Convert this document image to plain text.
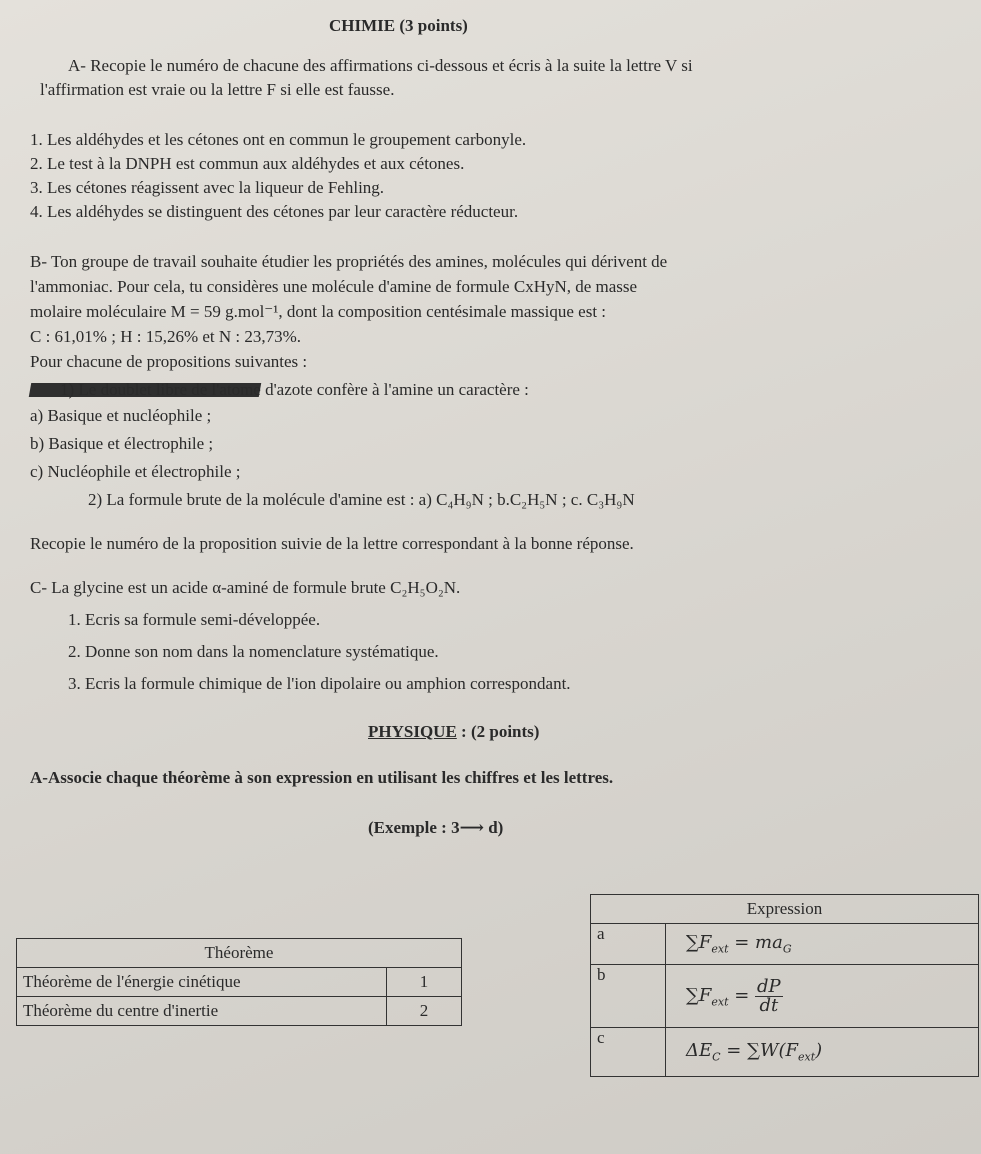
CHIMIE (3 points)
A- Recopie le numéro de chacune des affirmations ci-dessous et écris à la suite la lettre V si
l'affirmation est vraie ou la lettre F si elle est fausse.
1. Les aldéhydes et les cétones ont en commun le groupement carbonyle.
2. Le test à la DNPH est commun aux aldéhydes et aux cétones.
3. Les cétones réagissent avec la liqueur de Fehling.
4. Les aldéhydes se distinguent des cétones par leur caractère réducteur.
B- Ton groupe de travail souhaite étudier les propriétés des amines, molécules qui dérivent de
l'ammoniac. Pour cela, tu considères une molécule d'amine de formule CxHyN, de masse
molaire moléculaire M = 59 g.mol⁻¹, dont la composition centésimale massique est :
C : 61,01% ; H : 15,26% et N : 23,73%.
Pour chacune de propositions suivantes :
1) Le doublet libre de l'atome d'azote confère à l'amine un caractère :
a) Basique et nucléophile ;
b) Basique et électrophile ;
c) Nucléophile et électrophile ;
2) La formule brute de la molécule d'amine est : a) C₄H₉N ; b.C₂H₅N ; c. C₃H₉N
Recopie le numéro de la proposition suivie de la lettre correspondant à la bonne réponse.
C- La glycine est un acide α-aminé de formule brute C₂H₅O₂N.
1. Ecris sa formule semi-développée.
2. Donne son nom dans la nomenclature systématique.
3. Ecris la formule chimique de l'ion dipolaire ou amphion correspondant.
PHYSIQUE : (2 points)
A-Associe chaque théorème à son expression en utilisant les chiffres et les lettres.
(Exemple : 3⟶ d)
Théorème	
Théorème de l'énergie cinétique	1
Théorème du centre d'inertie	2
Expression	
a	$\sum F_{ext} = ma_G$
b	$\sum F_{ext} = \frac{dP}{dt}$

c	$\Delta E_C = \sum W(F_{ext})$
